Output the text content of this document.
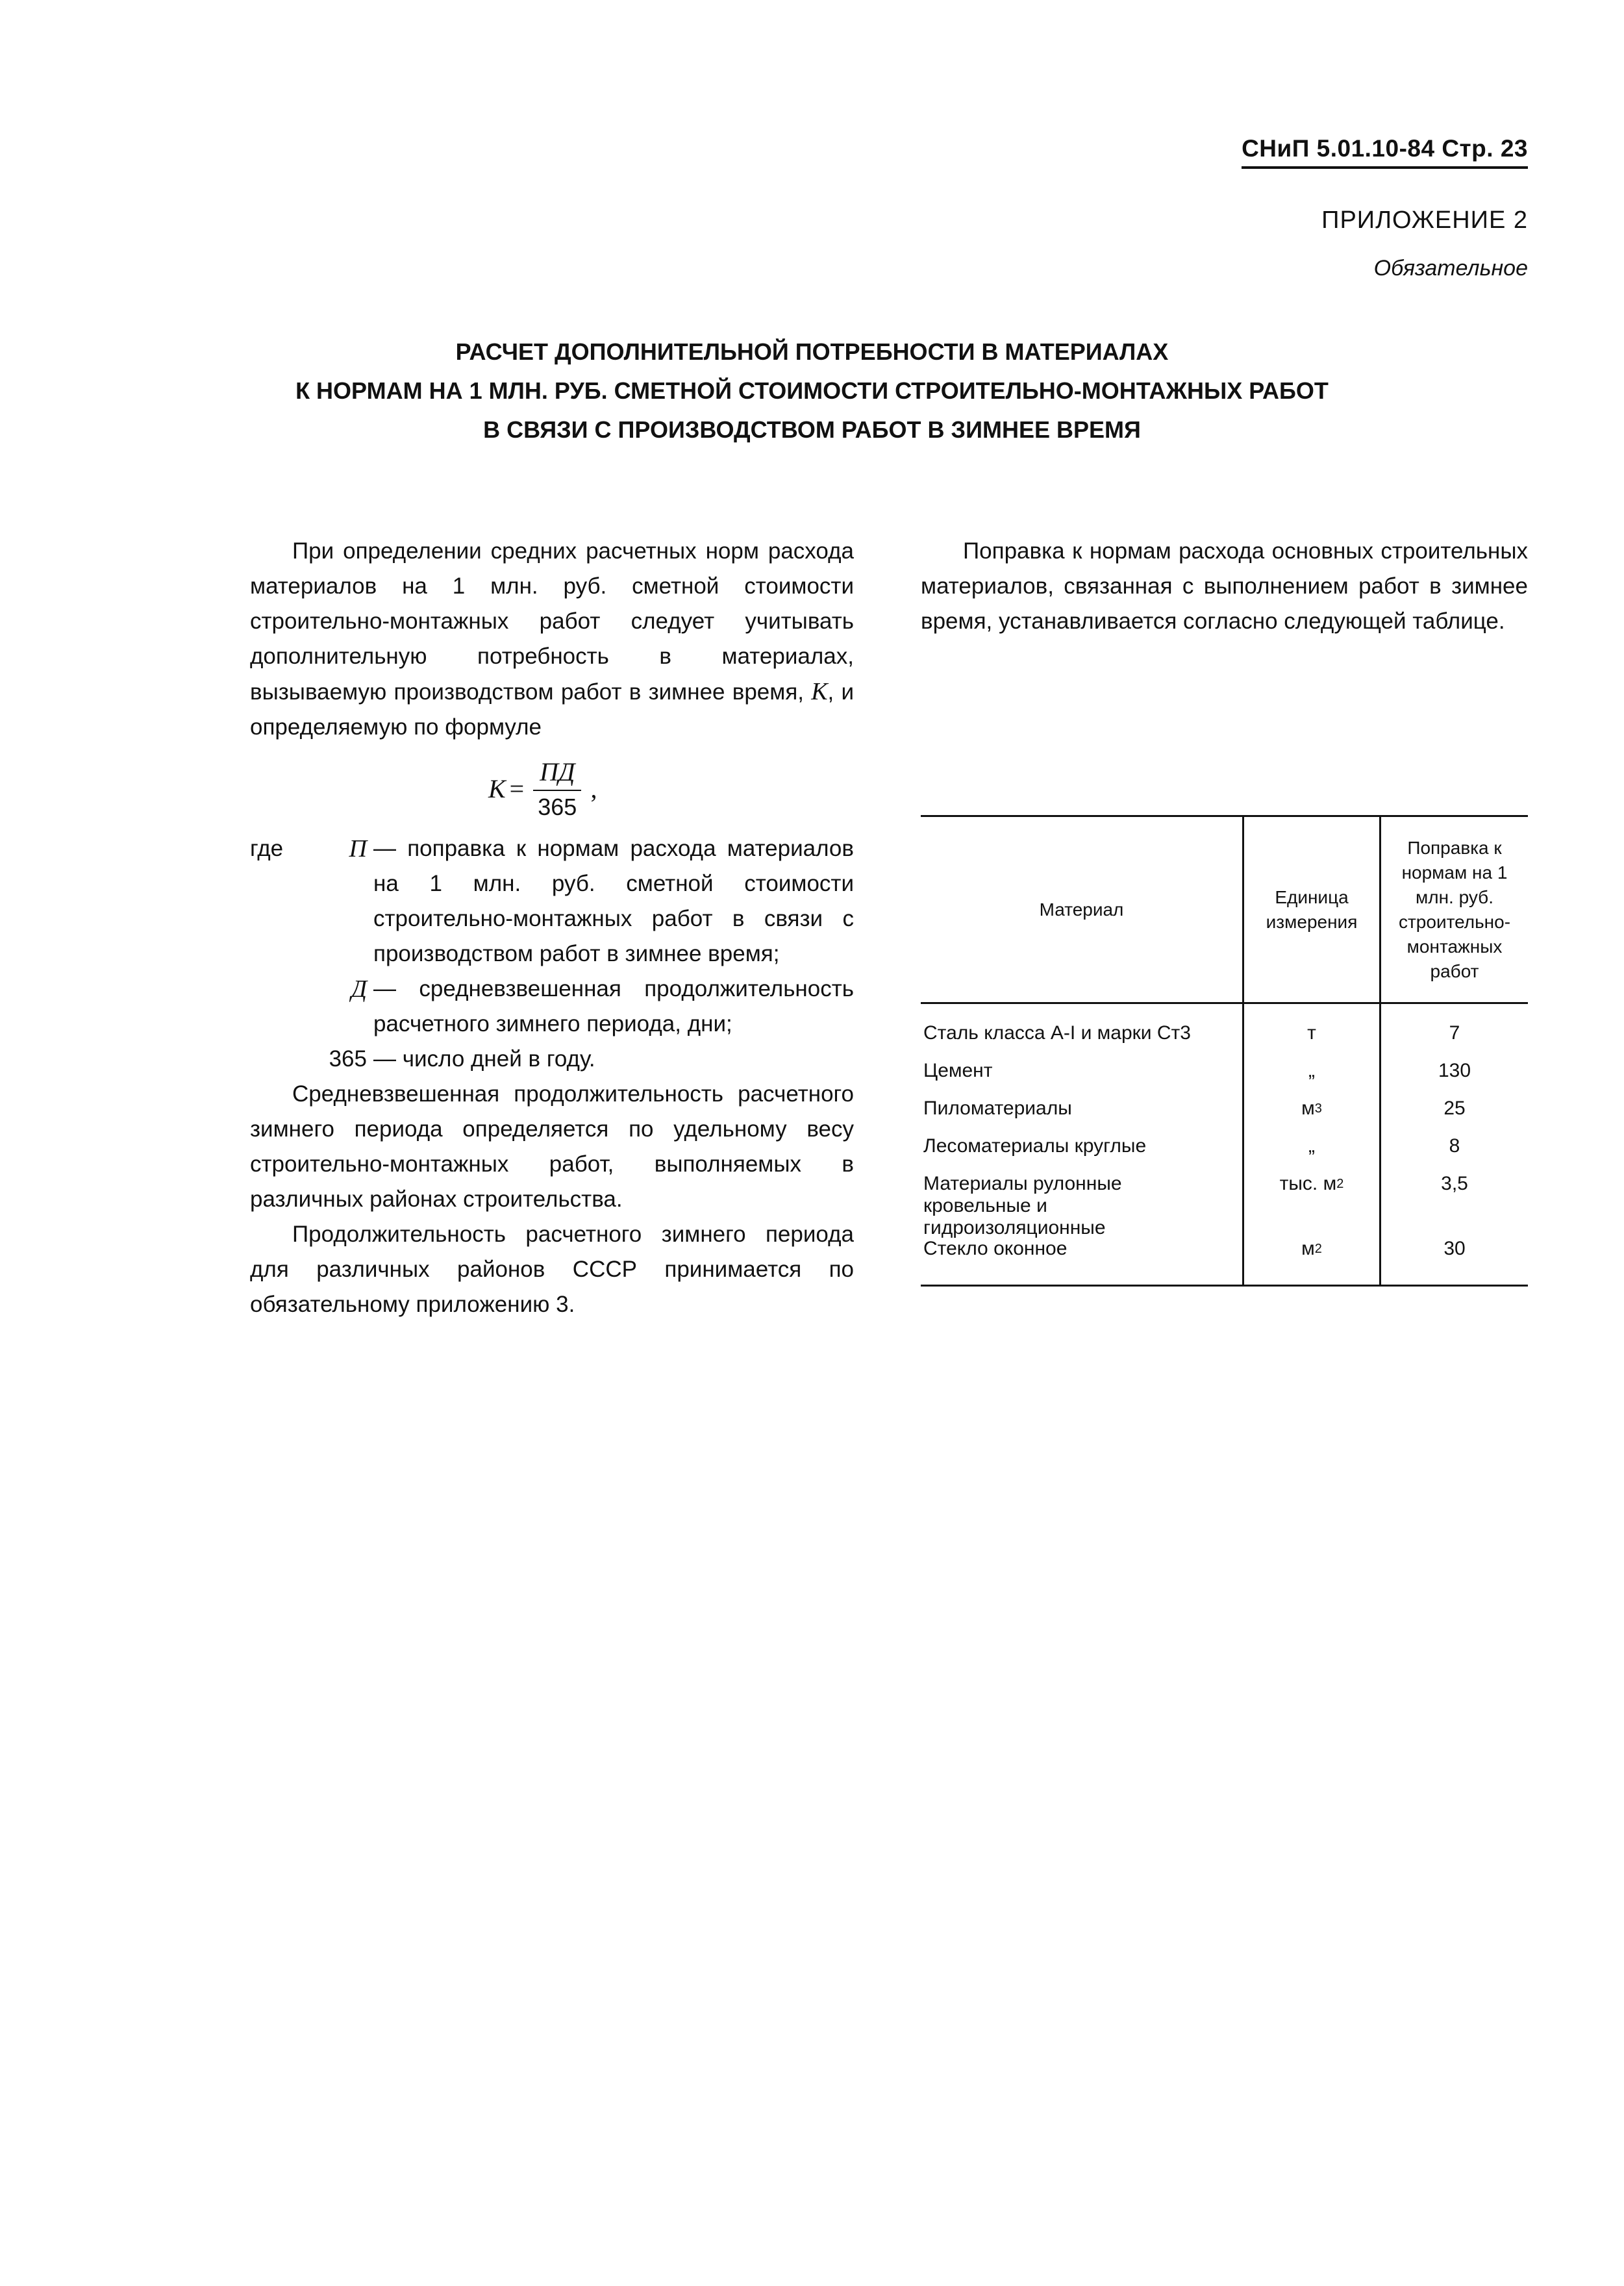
СНиП 5.01.10-84 Стр. 23
ПРИЛОЖЕНИЕ 2
Обязательное
РАСЧЕТ ДОПОЛНИТЕЛЬНОЙ ПОТРЕБНОСТИ В МАТЕРИАЛАХ
К НОРМАМ НА 1 МЛН. РУБ. СМЕТНОЙ СТОИМОСТИ СТРОИТЕЛЬНО-МОНТАЖНЫХ РАБОТ
В СВЯЗИ С ПРОИЗВОДСТВОМ РАБОТ В ЗИМНЕЕ ВРЕМЯ

При определении средних расчетных норм расхода материалов на 1 млн. руб. сметной стоимости строительно-монтажных работ следует учитывать дополнительную потребность в материалах, вызываемую производством работ в зимнее время, К, и определяемую по формуле

$К = \frac{ПД}{365}$ ,
где	П — поправка к нормам расхода материалов на 1 млн. руб. сметной стоимости строительно-монтажных работ в связи с производством работ в зимнее время;
Д — средневзвешенная продолжительность расчетного зимнего периода, дни;
365 — число дней в году.

Средневзвешенная продолжительность расчетного зимнего периода определяется по удельному весу строительно-монтажных работ, выполняемых в различных районах строительства.

Продолжительность расчетного зимнего периода для различных районов СССР принимается по обязательному приложению 3.

Поправка к нормам расхода основных строительных материалов, связанная с выполнением работ в зимнее время, устанавливается согласно следующей таблице.

Материал
Единица измерения
Поправка к нормам на 1 млн. руб. строительно-монтажных работ
Сталь класса А-I и марки Ст3
Цемент
Пиломатериалы
Лесоматериалы круглые
Материалы рулонные кровельные и гидроизоляционные
Стекло оконное
т
„
м 3
„
тыс. м 2
м 2
7
130
25
8
3,5
30
